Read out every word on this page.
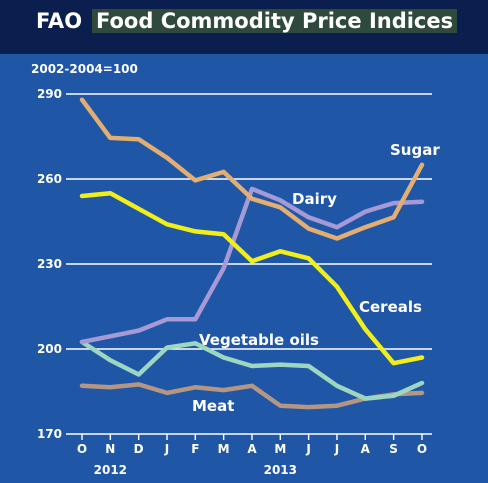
FAO Food Commodity Price Indices
2002-2004=100
170
200
230
260
290
O N D J F M A M J J A S O
2012	2013
Sugar
Dairy
Cereals
Vegetable oils
Meat
